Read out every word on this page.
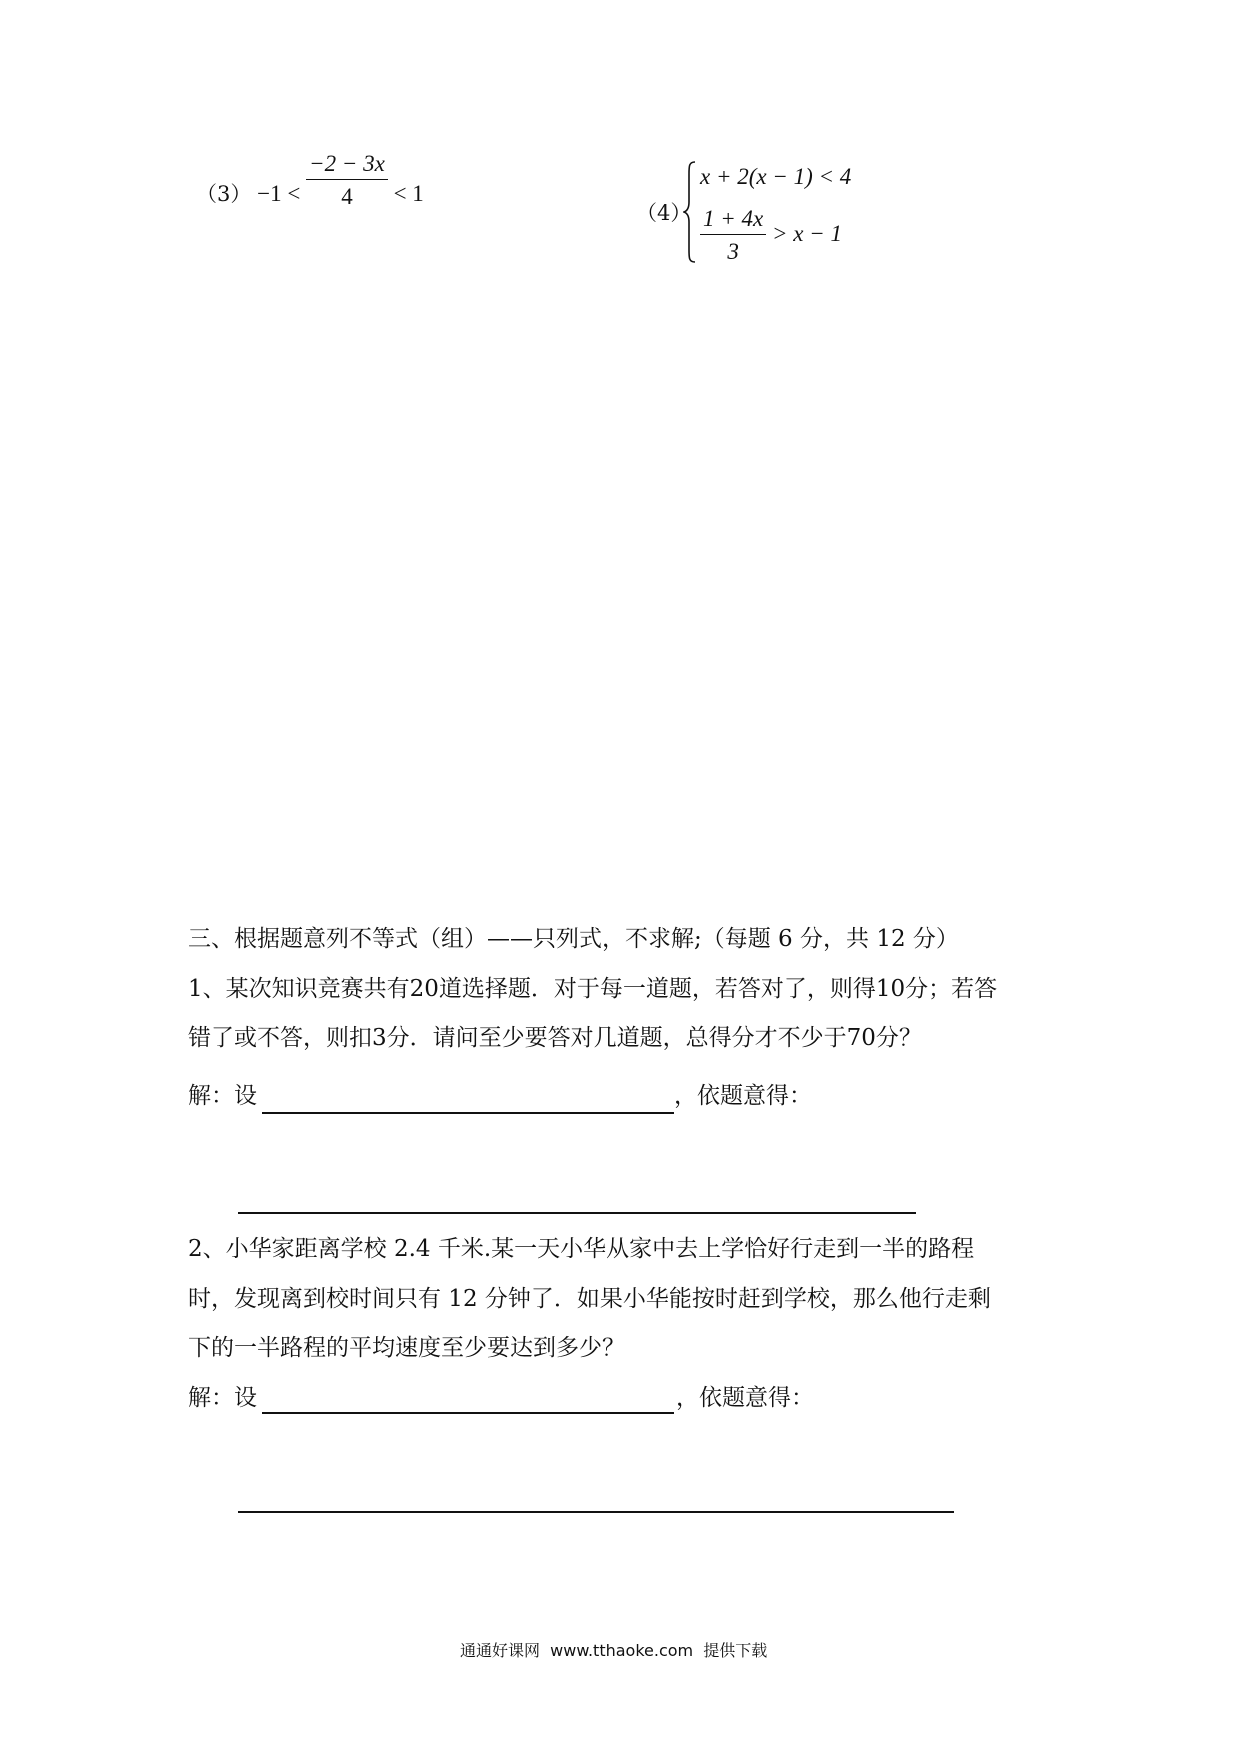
$(3) -1 < \frac{-2 - 3x}{4} < 1$
（4）
x + 2(x − 1) < 4
$\frac{1 + 4x}{3} > x - 1$
三、根据题意列不等式（组）——只列式，不求解;（每题 6 分，共 12 分）
1、某次知识竞赛共有20道选择题．对于每一道题，若答对了，则得10分；若答
错了或不答，则扣3分．请问至少要答对几道题，总得分才不少于70分？
解：设	，依题意得：
2、小华家距离学校 2.4 千米.某一天小华从家中去上学恰好行走到一半的路程
时，发现离到校时间只有 12 分钟了．如果小华能按时赶到学校，那么他行走剩
下的一半路程的平均速度至少要达到多少？
解：设	，依题意得：
通通好课网  www.tthaoke.com  提供下载
